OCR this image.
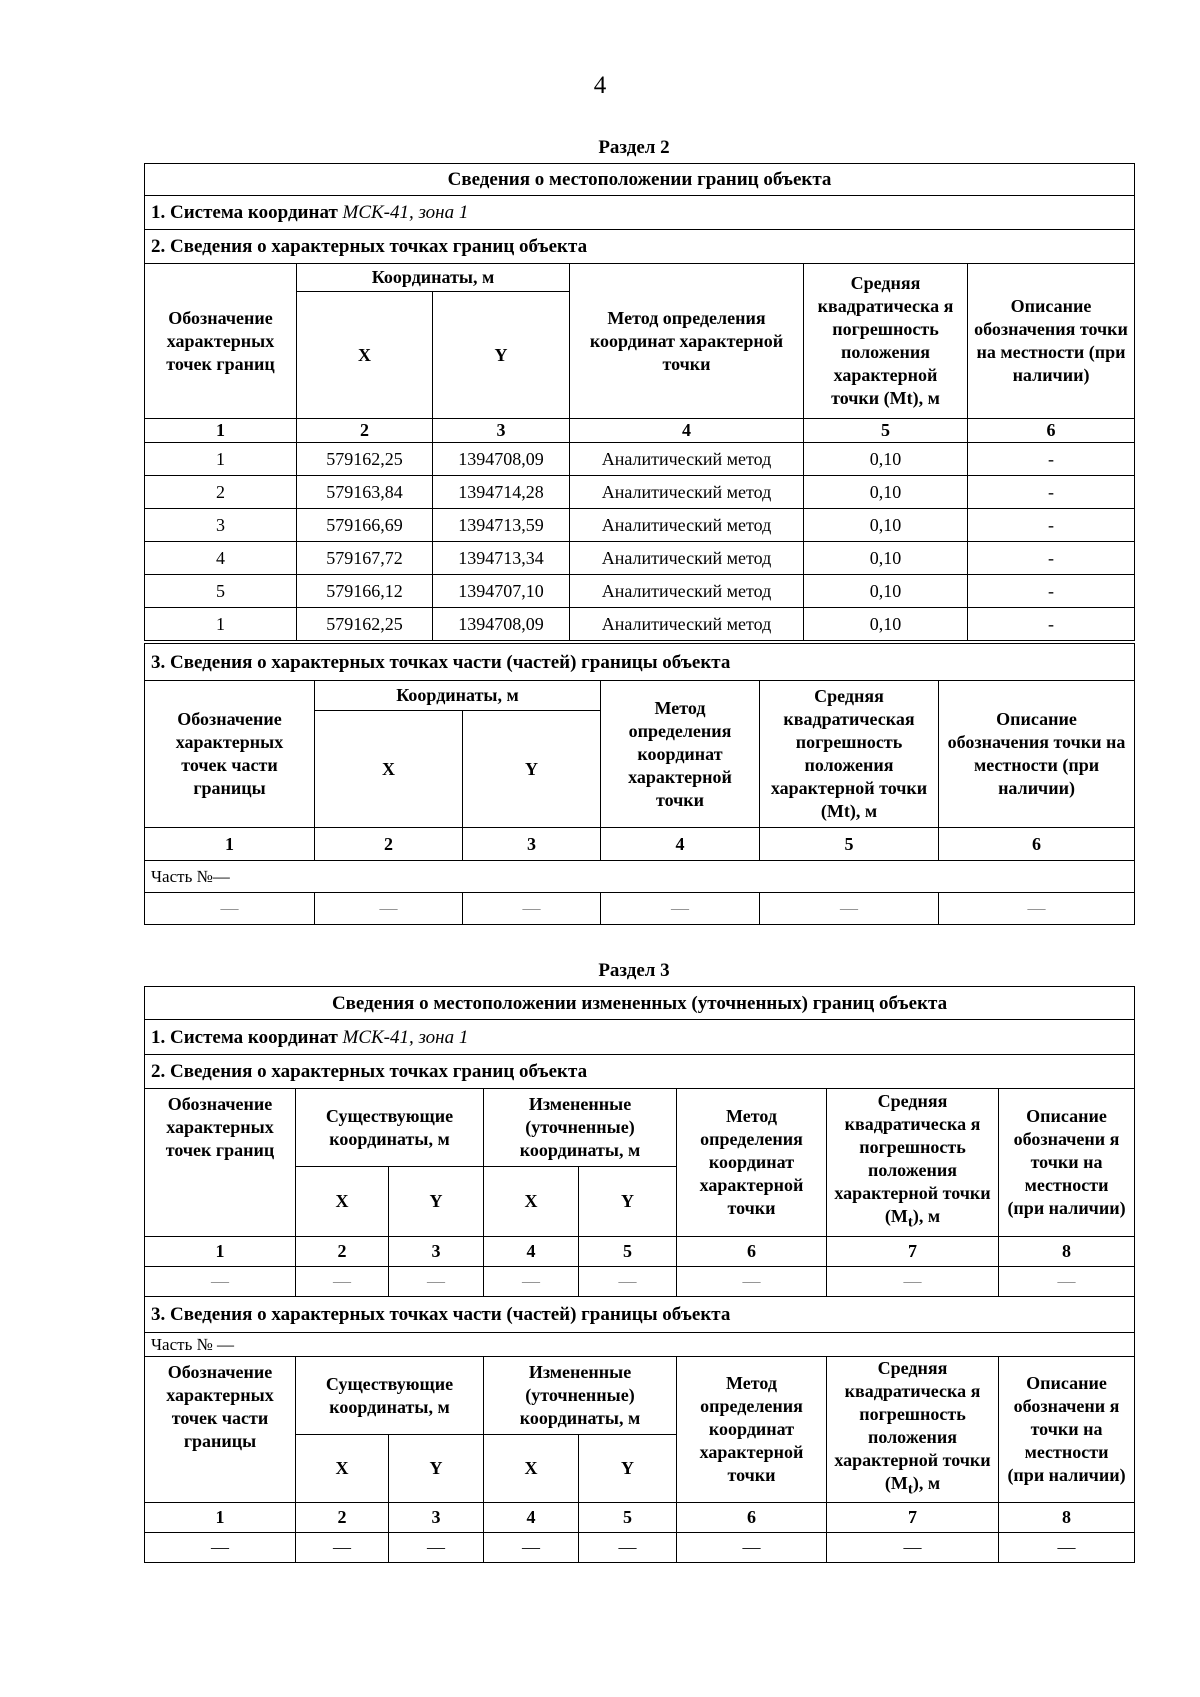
4
Раздел 2
Сведения о местоположении границ объекта					
1. Система координат МСК-41, зона 1					
2. Сведения о характерных точках границ объекта					
Обозначение характерных точек границ	Координаты, м		Метод определения координат характерной точки	Средняя квадратическа я погрешность положения характерной точки (Mt), м	Описание обозначения точки на местности (при наличии)
	X	Y			
1	2	3	4	5	6
1	579162,25	1394708,09	Аналитический метод	0,10	-
2	579163,84	1394714,28	Аналитический метод	0,10	-
3	579166,69	1394713,59	Аналитический метод	0,10	-
4	579167,72	1394713,34	Аналитический метод	0,10	-
5	579166,12	1394707,10	Аналитический метод	0,10	-
1	579162,25	1394708,09	Аналитический метод	0,10	-
3. Сведения о характерных точках части (частей) границы объекта					
Обозначение характерных точек части границы	Координаты, м		Метод определения координат характерной точки	Средняя квадратическая погрешность положения характерной точки (Mt), м	Описание обозначения точки на местности (при наличии)
	X	Y			
1	2	3	4	5	6
Часть №—					
—	—	—	—	—	—
Раздел 3
Сведения о местоположении измененных (уточненных) границ объекта							
1. Система координат МСК-41, зона 1							
2. Сведения о характерных точках границ объекта							
Обозначение характерных точек границ	Существующие координаты, м		Измененные (уточненные) координаты, м		Метод определения координат характерной точки	Средняя квадратическа я погрешность положения характерной точки $(M_t)$, м	Описание обозначени я точки на местности (при наличии)
	X	Y	X	Y			
1	2	3	4	5	6	7	8
—	—	—	—	—	—	—	—
3. Сведения о характерных точках части (частей) границы объекта							
Часть № —							
Обозначение характерных точек части границы	Существующие координаты, м		Измененные (уточненные) координаты, м		Метод определения координат характерной точки	Средняя квадратическа я погрешность положения характерной точки $(M_t)$, м	Описание обозначени я точки на местности (при наличии)
	X	Y	X	Y			
1	2	3	4	5	6	7	8
—	—	—	—	—	—	—	—
